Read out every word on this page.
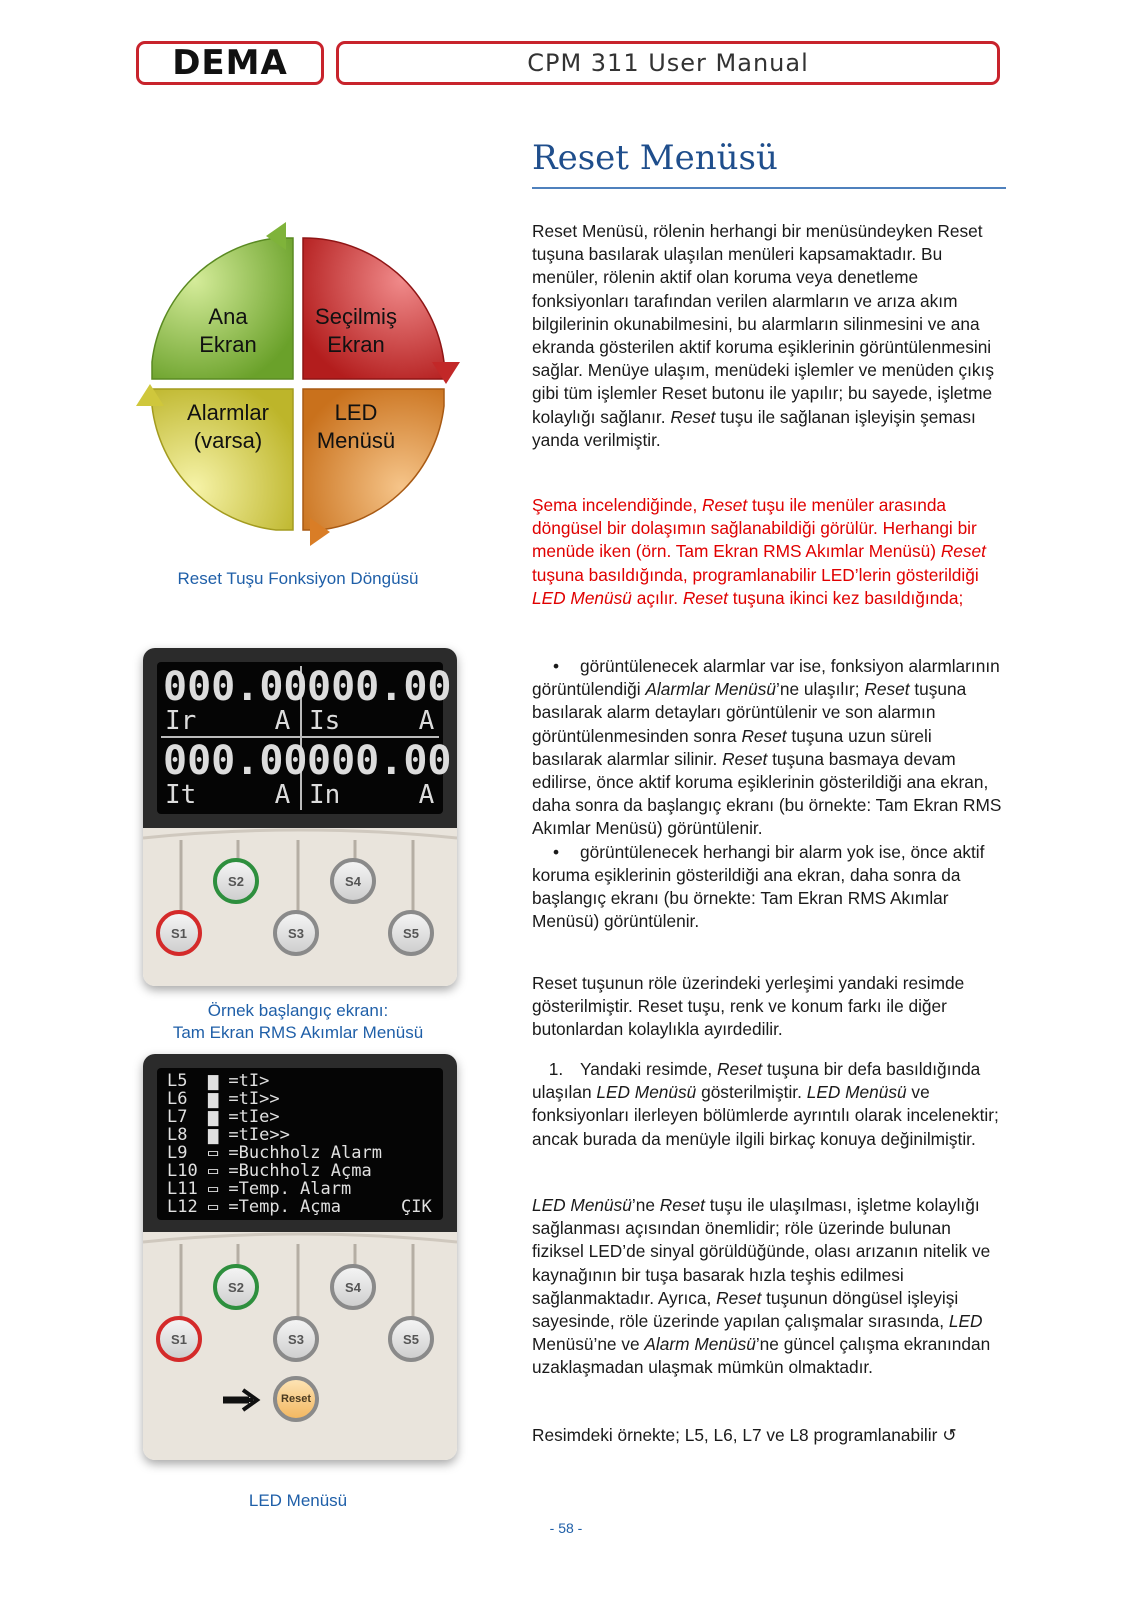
DEMA	CPM 311 User Manual
Reset Menüsü
Ana
Ekran
Seçilmiş
Ekran
Alarmlar
(varsa)
LED
Menüsü
Reset Tuşu Fonksiyon Döngüsü
000.00 000.00
Ir     A Is     A
000.00 000.00
It     A In     A
S1
S2
S3
S4
S5
Örnek başlangıç ekranı:
Tam Ekran RMS Akımlar Menüsü
L5  ▆ =tI>
L6  ▆ =tI>>
L7  ▆ =tIe>
L8  ▆ =tIe>>
L9  ▭ =Buchholz Alarm
L10 ▭ =Buchholz Açma
L11 ▭ =Temp. Alarm
L12 ▭ =Temp. Açma	ÇIK
S1
S2
S3
S4
S5
Reset
LED Menüsü

Reset Menüsü, rölenin herhangi bir menüsündeyken Reset tuşuna basılarak ulaşılan menüleri kapsamaktadır. Bu menüler, rölenin aktif olan koruma veya denetleme fonksiyonları tarafından verilen alarmların ve arıza akım bilgilerinin okunabilmesini, bu alarmların silinmesini ve ana ekranda gösterilen aktif koruma eşiklerinin görüntülenmesini sağlar. Menüye ulaşım, menüdeki işlemler ve menüden çıkış gibi tüm işlemler Reset butonu ile yapılır; bu sayede, işletme kolaylığı sağlanır. Reset tuşu ile sağlanan işleyişin şeması yanda verilmiştir.

Şema incelendiğinde, Reset tuşu ile menüler arasında döngüsel bir dolaşımın sağlanabildiği görülür. Herhangi bir menüde iken (örn. Tam Ekran RMS Akımlar Menüsü) Reset tuşuna basıldığında, programlanabilir LED’lerin gösterildiği LED Menüsü açılır. Reset tuşuna ikinci kez basıldığında;

• görüntülenecek alarmlar var ise, fonksiyon alarmlarının görüntülendiği Alarmlar Menüsü’ne ulaşılır; Reset tuşuna basılarak alarm detayları görüntülenir ve son alarmın görüntülenmesinden sonra Reset tuşuna uzun süreli basılarak alarmlar silinir. Reset tuşuna basmaya devam edilirse, önce aktif koruma eşiklerinin gösterildiği ana ekran, daha sonra da başlangıç ekranı (bu örnekte: Tam Ekran RMS Akımlar Menüsü) görüntülenir.

• görüntülenecek herhangi bir alarm yok ise, önce aktif koruma eşiklerinin gösterildiği ana ekran, daha sonra da başlangıç ekranı (bu örnekte: Tam Ekran RMS Akımlar Menüsü) görüntülenir.

Reset tuşunun röle üzerindeki yerleşimi yandaki resimde gösterilmiştir. Reset tuşu, renk ve konum farkı ile diğer butonlardan kolaylıkla ayırdedilir.

1. Yandaki resimde, Reset tuşuna bir defa basıldığında ulaşılan LED Menüsü gösterilmiştir. LED Menüsü ve fonksiyonları ilerleyen bölümlerde ayrıntılı olarak incelenektir; ancak burada da menüyle ilgili birkaç konuya değinilmiştir.

LED Menüsü’ne Reset tuşu ile ulaşılması, işletme kolaylığı sağlanması açısından önemlidir; röle üzerinde bulunan fiziksel LED’de sinyal görüldüğünde, olası arızanın nitelik ve kaynağının bir tuşa basarak hızla teşhis edilmesi sağlanmaktadır. Ayrıca, Reset tuşunun döngüsel işleyişi sayesinde, röle üzerinde yapılan çalışmalar sırasında, LED Menüsü’ne ve Alarm Menüsü’ne güncel çalışma ekranından uzaklaşmadan ulaşmak mümkün olmaktadır.

Resimdeki örnekte; L5, L6, L7 ve L8 programlanabilir ↺

- 58 -
